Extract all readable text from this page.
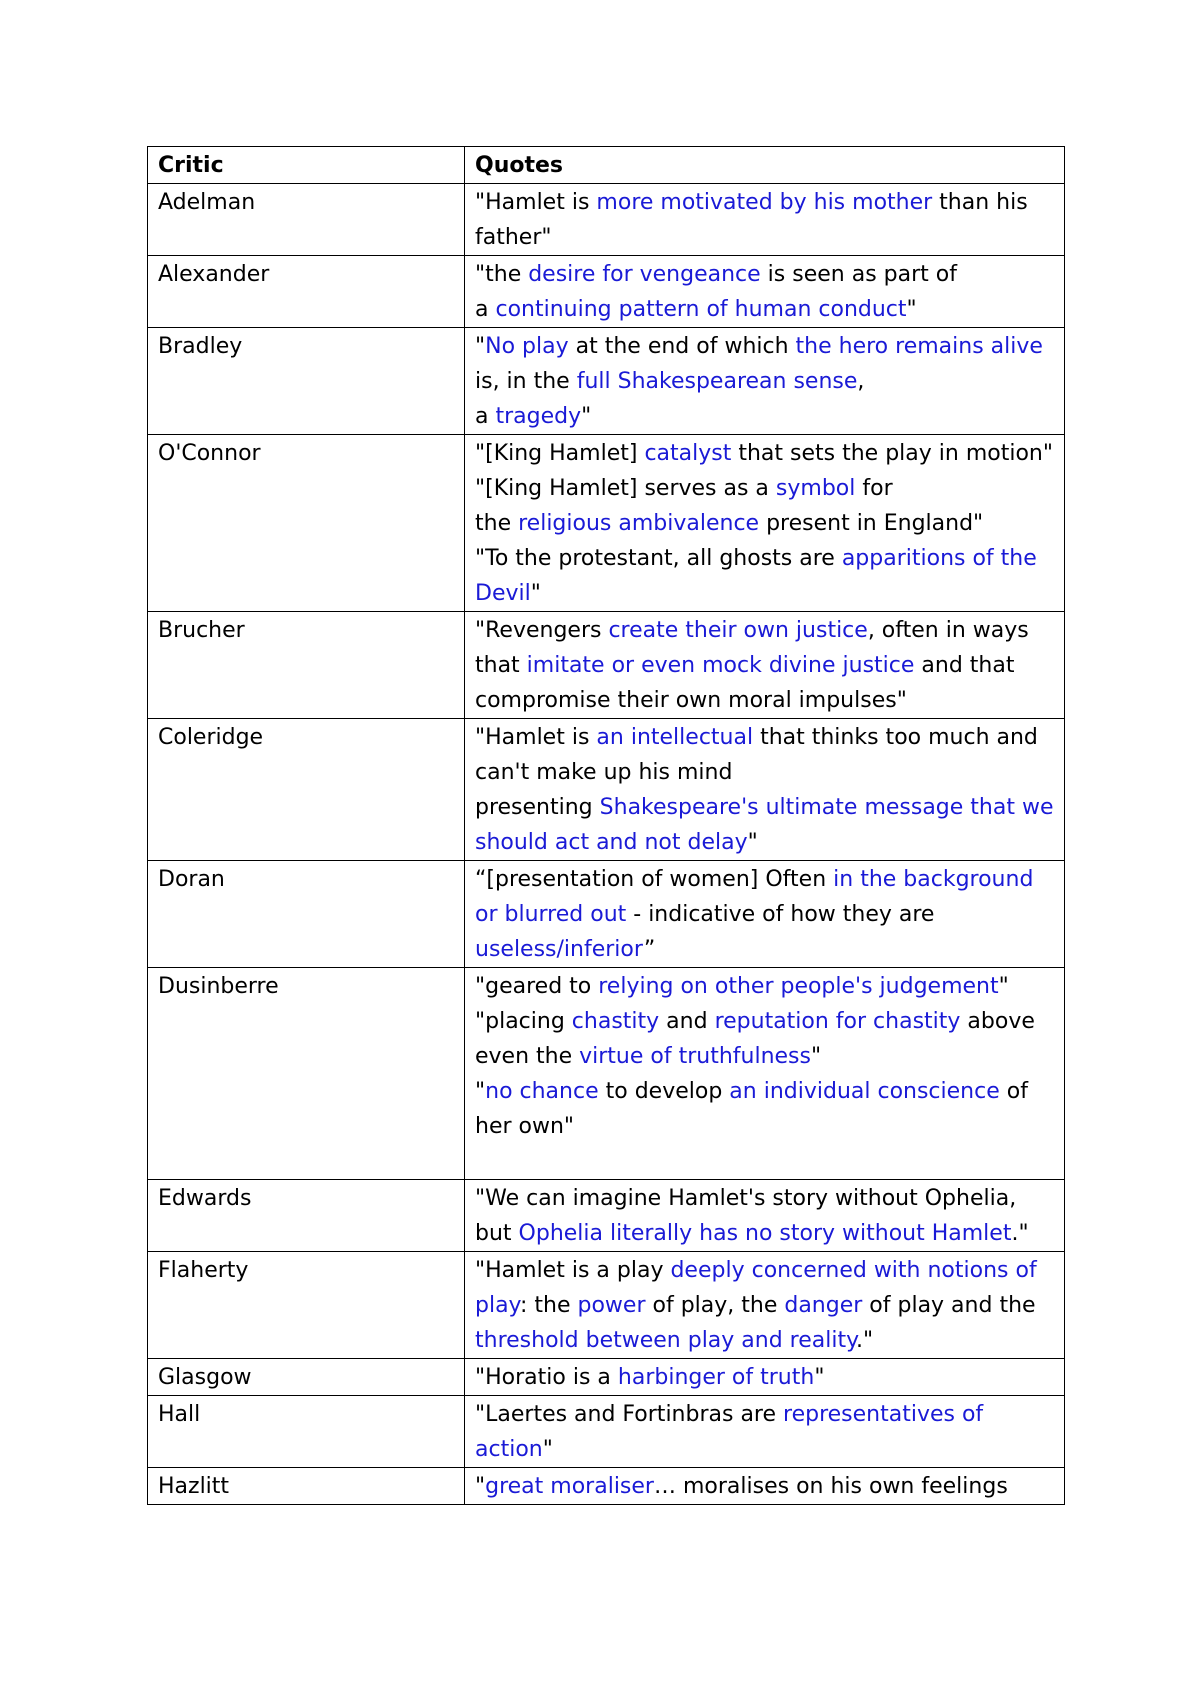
Critic	Quotes
Adelman	"Hamlet is more motivated by his mother than his father"

Alexander	"the desire for vengeance is seen as part of
a continuing pattern of human conduct"

Bradley	"No play at the end of which the hero remains alive is, in the full Shakespearean sense,
a tragedy"

O'Connor	"[King Hamlet] catalyst that sets the play in motion"
"[King Hamlet] serves as a symbol for
the religious ambivalence present in England"
"To the protestant, all ghosts are apparitions of the Devil"

Brucher	"Revengers create their own justice, often in ways that imitate or even mock divine justice and that compromise their own moral impulses"

Coleridge	"Hamlet is an intellectual that thinks too much and can't make up his mind
presenting Shakespeare's ultimate message that we should act and not delay"

Doran	“[presentation of women] Often in the background or blurred out - indicative of how they are useless/inferior”

Dusinberre	"geared to relying on other people's judgement"
"placing chastity and reputation for chastity above even the virtue of truthfulness"
"no chance to develop an individual conscience of her own"

Edwards	"We can imagine Hamlet's story without Ophelia, but Ophelia literally has no story without Hamlet."

Flaherty	"Hamlet is a play deeply concerned with notions of play: the power of play, the danger of play and the threshold between play and reality."

Glasgow	"Horatio is a harbinger of truth"

Hall	"Laertes and Fortinbras are representatives of action"

Hazlitt	"great moraliser… moralises on his own feelings
